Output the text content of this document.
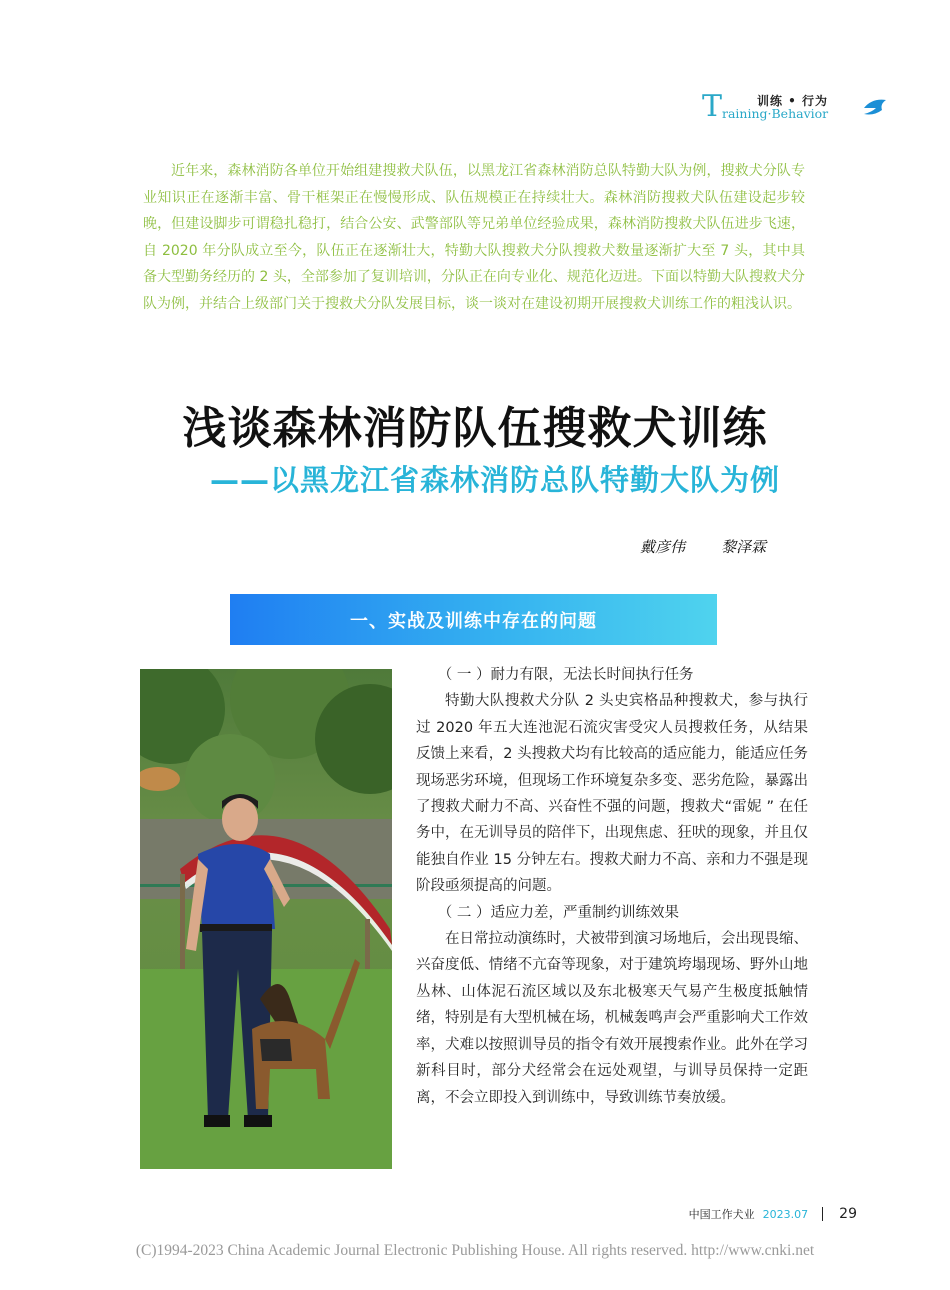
T	训练 • 行为
raining·Behavior

近年来，森林消防各单位开始组建搜救犬队伍，以黑龙江省森林消防总队特勤大队为例，搜救犬分队专业知识正在逐渐丰富、骨干框架正在慢慢形成、队伍规模正在持续壮大。森林消防搜救犬队伍建设起步较晚，但建设脚步可谓稳扎稳打，结合公安、武警部队等兄弟单位经验成果，森林消防搜救犬队伍进步飞速，自 2020 年分队成立至今，队伍正在逐渐壮大，特勤大队搜救犬分队搜救犬数量逐渐扩大至 7 头，其中具备大型勤务经历的 2 头，全部参加了复训培训，分队正在向专业化、规范化迈进。下面以特勤大队搜救犬分队为例，并结合上级部门关于搜救犬分队发展目标，谈一谈对在建设初期开展搜救犬训练工作的粗浅认识。

浅谈森林消防队伍搜救犬训练
——以黑龙江省森林消防总队特勤大队为例
戴彦伟 黎泽霖
一、实战及训练中存在的问题

（ 一 ）耐力有限，无法长时间执行任务

特勤大队搜救犬分队 2 头史宾格品种搜救犬，参与执行过 2020 年五大连池泥石流灾害受灾人员搜救任务，从结果反馈上来看，2 头搜救犬均有比较高的适应能力，能适应任务现场恶劣环境，但现场工作环境复杂多变、恶劣危险，暴露出了搜救犬耐力不高、兴奋性不强的问题，搜救犬“雷妮 ” 在任务中，在无训导员的陪伴下，出现焦虑、狂吠的现象，并且仅能独自作业 15 分钟左右。搜救犬耐力不高、亲和力不强是现阶段亟须提高的问题。

（ 二 ）适应力差，严重制约训练效果

在日常拉动演练时，犬被带到演习场地后，会出现畏缩、兴奋度低、情绪不亢奋等现象，对于建筑垮塌现场、野外山地丛林、山体泥石流区域以及东北极寒天气易产生极度抵触情绪，特别是有大型机械在场，机械轰鸣声会严重影响犬工作效率，犬难以按照训导员的指令有效开展搜索作业。此外在学习新科目时，部分犬经常会在远处观望，与训导员保持一定距离，不会立即投入到训练中，导致训练节奏放缓。

中国工作犬业 2023.07 29
(C)1994-2023 China Academic Journal Electronic Publishing House. All rights reserved. http://www.cnki.net
